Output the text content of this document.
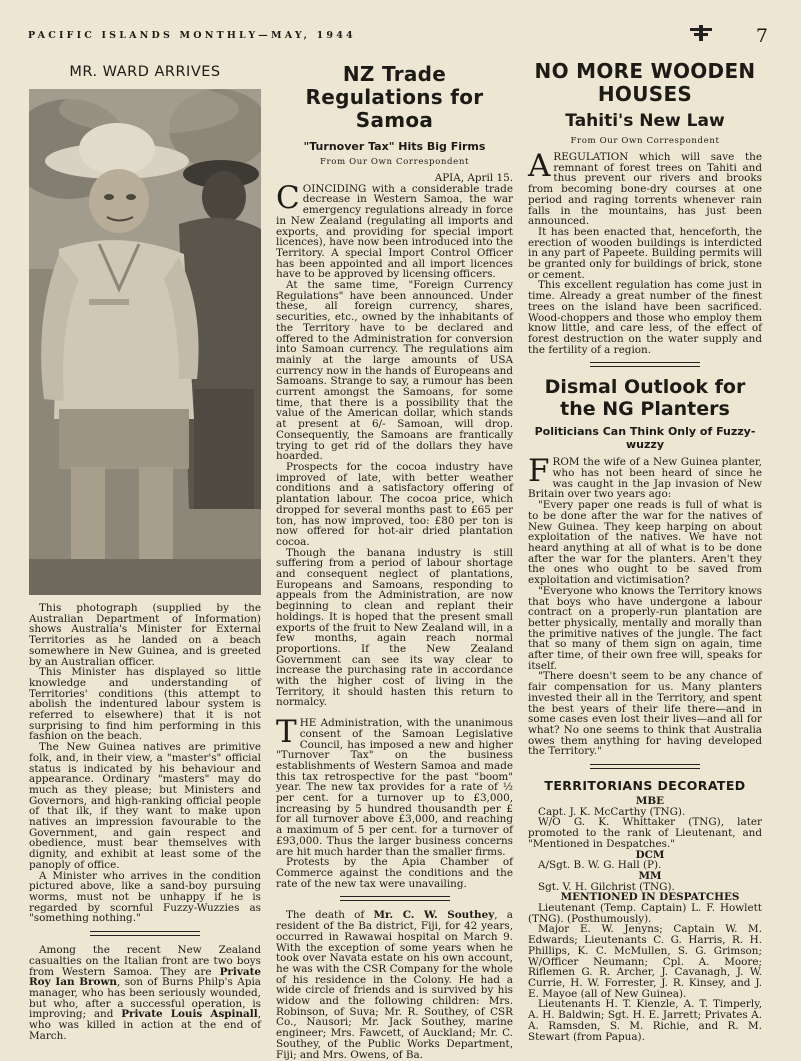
PACIFIC ISLANDS MONTHLY—MAY, 1944	7
MR. WARD ARRIVES

This photograph (supplied by the Australian Department of Information) shows Australia's Minister for External Territories as he landed on a beach somewhere in New Guinea, and is greeted by an Australian officer.

This Minister has displayed so little knowledge and understanding of Territories' conditions (this attempt to abolish the indentured labour system is referred to elsewhere) that it is not surprising to find him performing in this fashion on the beach.

The New Guinea natives are primitive folk, and, in their view, a "master's" official status is indicated by his behaviour and appearance. Ordinary "masters" may do much as they please; but Ministers and Governors, and high-ranking official people of that ilk, if they want to make upon natives an impression favourable to the Government, and gain respect and obedience, must bear themselves with dignity, and exhibit at least some of the panoply of office.

A Minister who arrives in the condition pictured above, like a sand-boy pursuing worms, must not be unhappy if he is regarded by scornful Fuzzy-Wuzzies as "something nothing."

Among the recent New Zealand casualties on the Italian front are two boys from Western Samoa. They are Private Roy Ian Brown, son of Burns Philp's Apia manager, who has been seriously wounded, but who, after a successful operation, is improving; and Private Louis Aspinall, who was killed in action at the end of March.

NZ Trade Regulations for Samoa
"Turnover Tax" Hits Big Firms
From Our Own Correspondent

APIA, April 15.

COINCIDING with a considerable trade decrease in Western Samoa, the war emergency regulations already in force in New Zealand (regulating all imports and exports, and providing for special import licences), have now been introduced into the Territory. A special Import Control Officer has been appointed and all import licences have to be approved by licensing officers.

At the same time, "Foreign Currency Regulations" have been announced. Under these, all foreign currency, shares, securities, etc., owned by the inhabitants of the Territory have to be declared and offered to the Administration for conversion into Samoan currency. The regulations aim mainly at the large amounts of USA currency now in the hands of Europeans and Samoans. Strange to say, a rumour has been current amongst the Samoans, for some time, that there is a possibility that the value of the American dollar, which stands at present at 6/- Samoan, will drop. Consequently, the Samoans are frantically trying to get rid of the dollars they have hoarded.

Prospects for the cocoa industry have improved of late, with better weather conditions and a satisfactory offering of plantation labour. The cocoa price, which dropped for several months past to £65 per ton, has now improved, too: £80 per ton is now offered for hot-air dried plantation cocoa.

Though the banana industry is still suffering from a period of labour shortage and consequent neglect of plantations, Europeans and Samoans, responding to appeals from the Administration, are now beginning to clean and replant their holdings. It is hoped that the present small exports of the fruit to New Zealand will, in a few months, again reach normal proportions. If the New Zealand Government can see its way clear to increase the purchasing rate in accordance with the higher cost of living in the Territory, it should hasten this return to normalcy.

THE Administration, with the unanimous consent of the Samoan Legislative Council, has imposed a new and higher "Turnover Tax" on the business establishments of Western Samoa and made this tax retrospective for the past "boom" year. The new tax provides for a rate of ½ per cent. for a turnover up to £3,000, increasing by 5 hundred thousandth per £ for all turnover above £3,000, and reaching a maximum of 5 per cent. for a turnover of £93,000. Thus the larger business concerns are hit much harder than the smaller firms.

Protests by the Apia Chamber of Commerce against the conditions and the rate of the new tax were unavailing.

The death of Mr. C. W. Southey, a resident of the Ba district, Fiji, for 42 years, occurred in Rawawai hospital on March 9. With the exception of some years when he took over Navata estate on his own account, he was with the CSR Company for the whole of his residence in the Colony. He had a wide circle of friends and is survived by his widow and the following children: Mrs. Robinson, of Suva; Mr. R. Southey, of CSR Co., Nausori; Mr. Jack Southey, marine engineer; Mrs. Fawcett, of Auckland; Mr. C. Southey, of the Public Works Department, Fiji; and Mrs. Owens, of Ba.

NO MORE WOODEN HOUSES
Tahiti's New Law
From Our Own Correspondent

A REGULATION which will save the remnant of forest trees on Tahiti and thus prevent our rivers and brooks from becoming bone-dry courses at one period and raging torrents whenever rain falls in the mountains, has just been announced.

It has been enacted that, henceforth, the erection of wooden buildings is interdicted in any part of Papeete. Building permits will be granted only for buildings of brick, stone or cement.

This excellent regulation has come just in time. Already a great number of the finest trees on the island have been sacrificed. Wood-choppers and those who employ them know little, and care less, of the effect of forest destruction on the water supply and the fertility of a region.

Dismal Outlook for the NG Planters
Politicians Can Think Only of Fuzzy-wuzzy

FROM the wife of a New Guinea planter, who has not been heard of since he was caught in the Jap invasion of New Britain over two years ago:

"Every paper one reads is full of what is to be done after the war for the natives of New Guinea. They keep harping on about exploitation of the natives. We have not heard anything at all of what is to be done after the war for the planters. Aren't they the ones who ought to be saved from exploitation and victimisation?

"Everyone who knows the Territory knows that boys who have undergone a labour contract on a properly-run plantation are better physically, mentally and morally than the primitive natives of the jungle. The fact that so many of them sign on again, time after time, of their own free will, speaks for itself.

"There doesn't seem to be any chance of fair compensation for us. Many planters invested their all in the Territory, and spent the best years of their life there—and in some cases even lost their lives—and all for what? No one seems to think that Australia owes them anything for having developed the Territory."

TERRITORIANS DECORATED

MBE

Capt. J. K. McCarthy (TNG).

W/O G. K. Whittaker (TNG), later promoted to the rank of Lieutenant, and "Mentioned in Despatches."

DCM

A/Sgt. B. W. G. Hall (P).

MM

Sgt. V. H. Gilchrist (TNG).

MENTIONED IN DESPATCHES

Lieutenant (Temp. Captain) L. F. Howlett (TNG). (Posthumously).

Major E. W. Jenyns; Captain W. M. Edwards; Lieutenants C. G. Harris, R. H. Phillips, K. C. McMullen, S. G. Grimson; W/Officer Neumann; Cpl. A. Moore; Riflemen G. R. Archer, J. Cavanagh, J. W. Currie, H. W. Forrester, J. R. Kinsey, and J. E. Mayoe (all of New Guinea).

Lieutenants H. T. Kienzle, A. T. Timperly, A. H. Baldwin; Sgt. H. E. Jarrett; Privates A. A. Ramsden, S. M. Richie, and R. M. Stewart (from Papua).
